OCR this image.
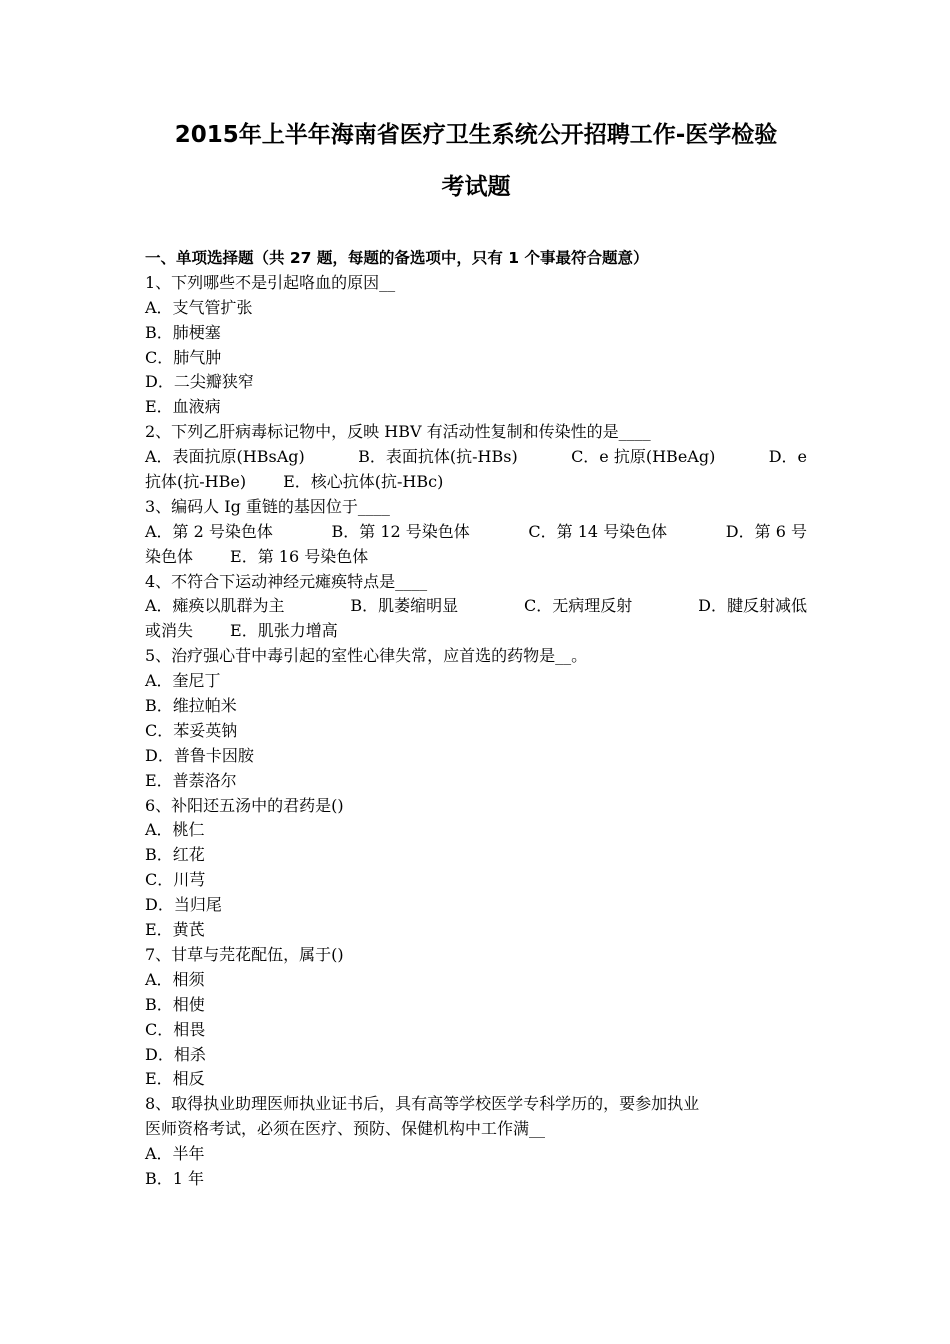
2015年上半年海南省医疗卫生系统公开招聘工作-医学检验
考试题
一、单项选择题（共 27 题，每题的备选项中，只有 1 个事最符合题意）
1、下列哪些不是引起咯血的原因__
A．支气管扩张
B．肺梗塞
C．肺气肿
D．二尖瓣狭窄
E．血液病
2、下列乙肝病毒标记物中，反映 HBV 有活动性复制和传染性的是____
A．表面抗原(HBsAg)	B．表面抗体(抗-HBs)	C．e 抗原(HBeAg)	D．e
抗体(抗-HBe) E．核心抗体(抗-HBc)
3、编码人 Ig 重链的基因位于____
A．第 2 号染色体	B．第 12 号染色体	C．第 14 号染色体	D．第 6 号
染色体 E．第 16 号染色体
4、不符合下运动神经元瘫痪特点是____
A．瘫痪以肌群为主	B．肌萎缩明显	C．无病理反射	D．腱反射减低
或消失 E．肌张力增高
5、治疗强心苷中毒引起的室性心律失常，应首选的药物是__。
A．奎尼丁
B．维拉帕米
C．苯妥英钠
D．普鲁卡因胺
E．普萘洛尔
6、补阳还五汤中的君药是()
A．桃仁
B．红花
C．川芎
D．当归尾
E．黄芪
7、甘草与芫花配伍，属于()
A．相须
B．相使
C．相畏
D．相杀
E．相反
8、取得执业助理医师执业证书后，具有高等学校医学专科学历的，要参加执业
医师资格考试，必须在医疗、预防、保健机构中工作满__
A．半年
B．1 年
